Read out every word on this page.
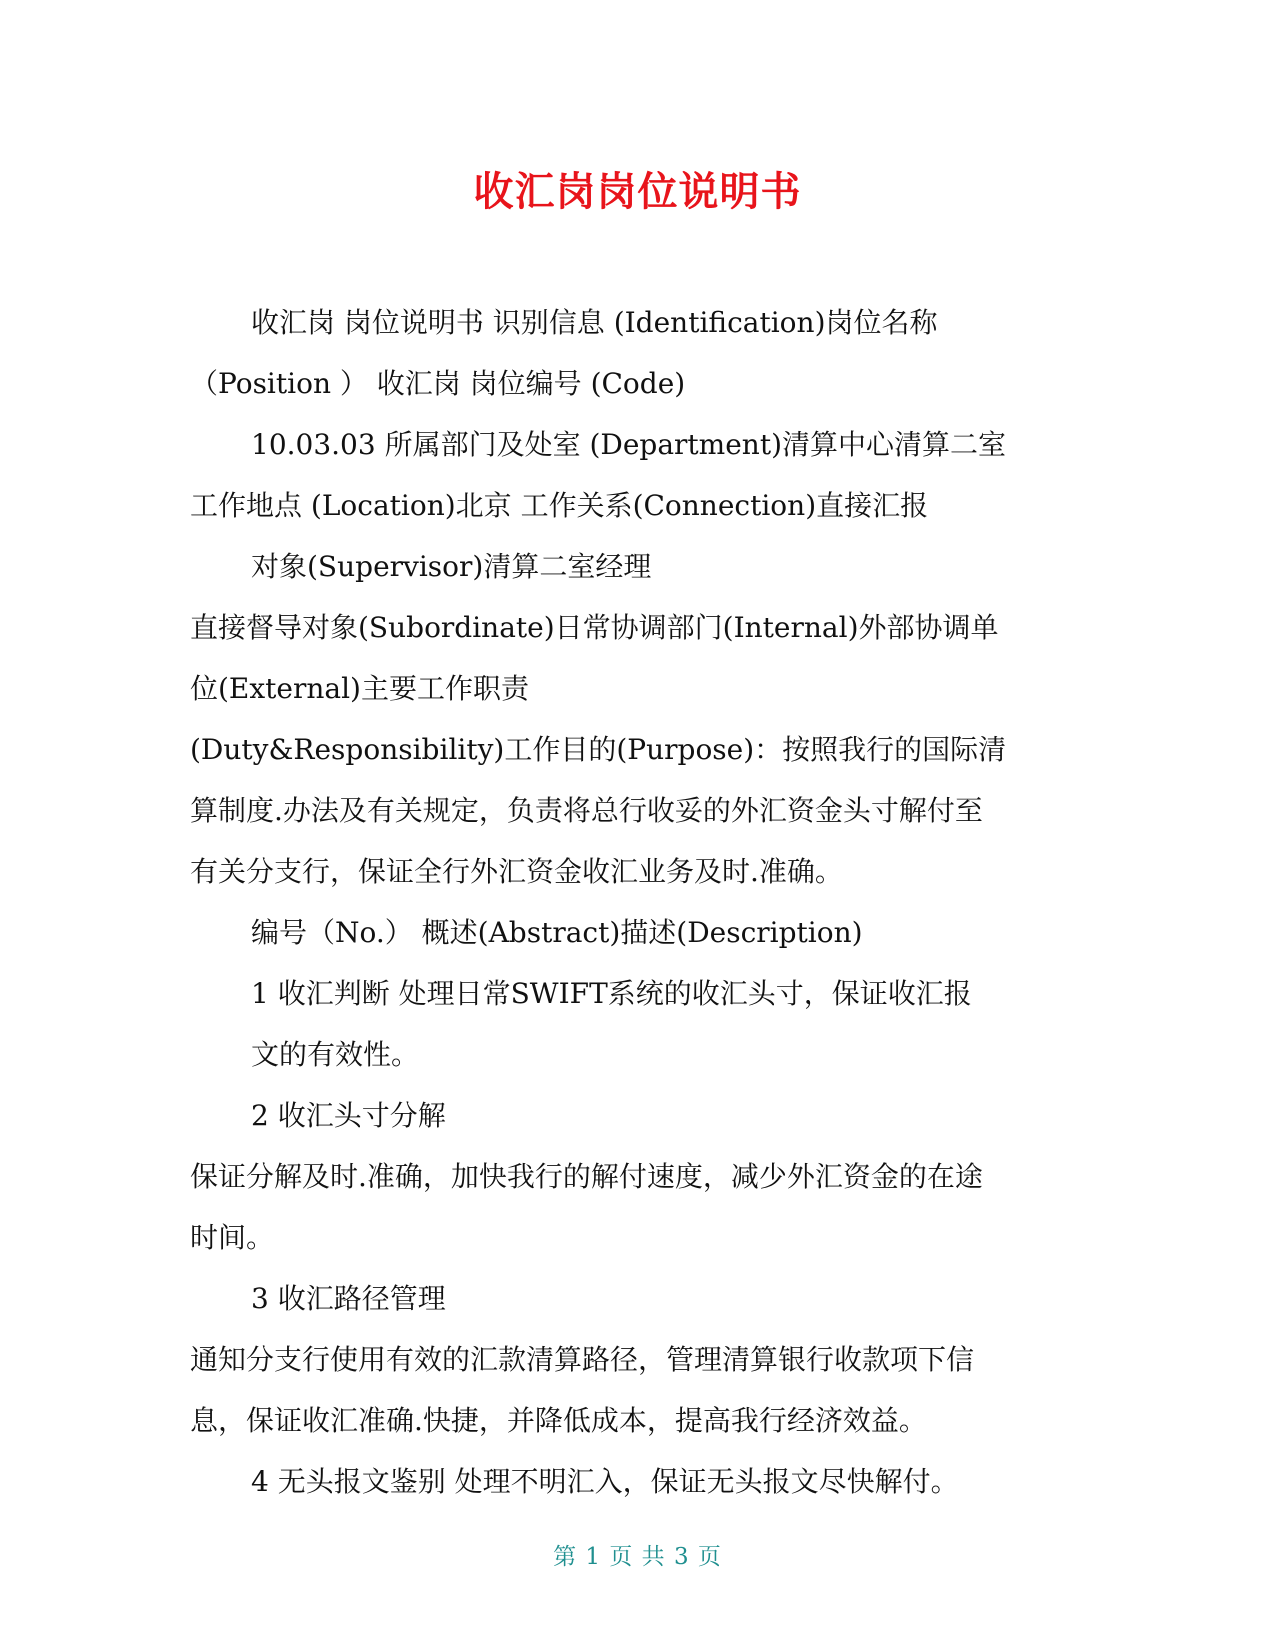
收汇岗岗位说明书
收汇岗 岗位说明书 识别信息 (Identification)岗位名称
（Position ） 收汇岗 岗位编号 (Code)
10.03.03 所属部门及处室 (Department)清算中心清算二室
工作地点 (Location)北京 工作关系(Connection)直接汇报
对象(Supervisor)清算二室经理
直接督导对象(Subordinate)日常协调部门(Internal)外部协调单
位(External)主要工作职责
(Duty&Responsibility)工作目的(Purpose)：按照我行的国际清
算制度.办法及有关规定，负责将总行收妥的外汇资金头寸解付至
有关分支行，保证全行外汇资金收汇业务及时.准确。
编号（No.） 概述(Abstract)描述(Description)
1 收汇判断 处理日常SWIFT系统的收汇头寸，保证收汇报
文的有效性。
2 收汇头寸分解
保证分解及时.准确，加快我行的解付速度，减少外汇资金的在途
时间。
3 收汇路径管理
通知分支行使用有效的汇款清算路径，管理清算银行收款项下信
息，保证收汇准确.快捷，并降低成本，提高我行经济效益。
4 无头报文鉴别 处理不明汇入，保证无头报文尽快解付。
第 1 页 共 3 页
